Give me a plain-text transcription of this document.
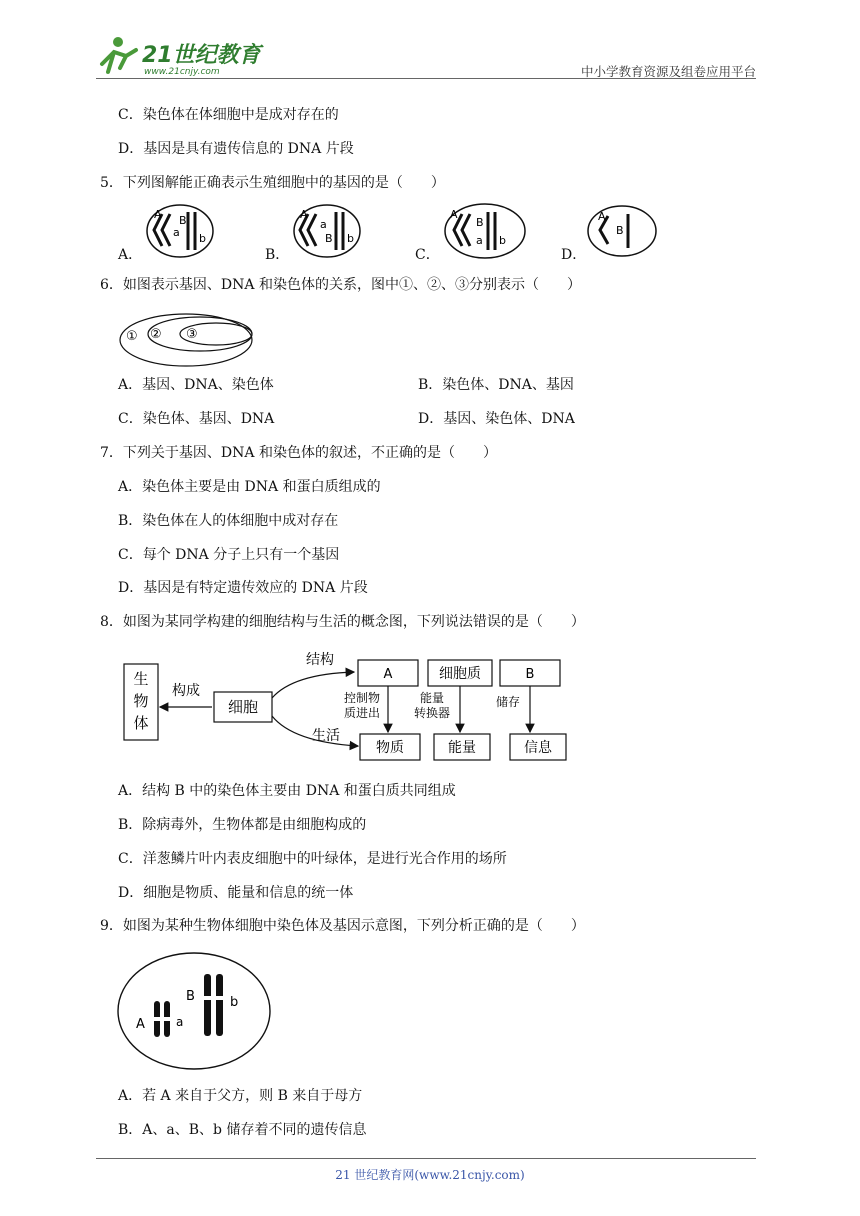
21世纪教育
www.21cnjy.com	中小学教育资源及组卷应用平台
C．染色体在体细胞中是成对存在的
D．基因是具有遗传信息的 DNA 片段
5．下列图解能正确表示生殖细胞中的基因的是（　　）
A．	B．	C．	D．
A B
a b
A
a
B b
A
B
a b
A
B
6．如图表示基因、DNA 和染色体的关系，图中①、②、③分别表示（　　）
① ② ③
A．基因、DNA、染色体	B．染色体、DNA、基因
C．染色体、基因、DNA	D．基因、染色体、DNA
7．下列关于基因、DNA 和染色体的叙述，不正确的是（　　）
A．染色体主要是由 DNA 和蛋白质组成的
B．染色体在人的体细胞中成对存在
C．每个 DNA 分子上只有一个基因
D．基因是有特定遗传效应的 DNA 片段
8．如图为某同学构建的细胞结构与生活的概念图，下列说法错误的是（　　）
生
物
体
构成
细胞
结构
生活
A	细胞质	B
控制物
质进出
能量
转换器
储存
物质	能量	信息
A．结构 B 中的染色体主要由 DNA 和蛋白质共同组成
B．除病毒外，生物体都是由细胞构成的
C．洋葱鳞片叶内表皮细胞中的叶绿体，是进行光合作用的场所
D．细胞是物质、能量和信息的统一体
9．如图为某种生物体细胞中染色体及基因示意图，下列分析正确的是（　　）
A	a
B	b
A．若 A 来自于父方，则 B 来自于母方
B．A、a、B、b 储存着不同的遗传信息
21 世纪教育网(www.21cnjy.com)
